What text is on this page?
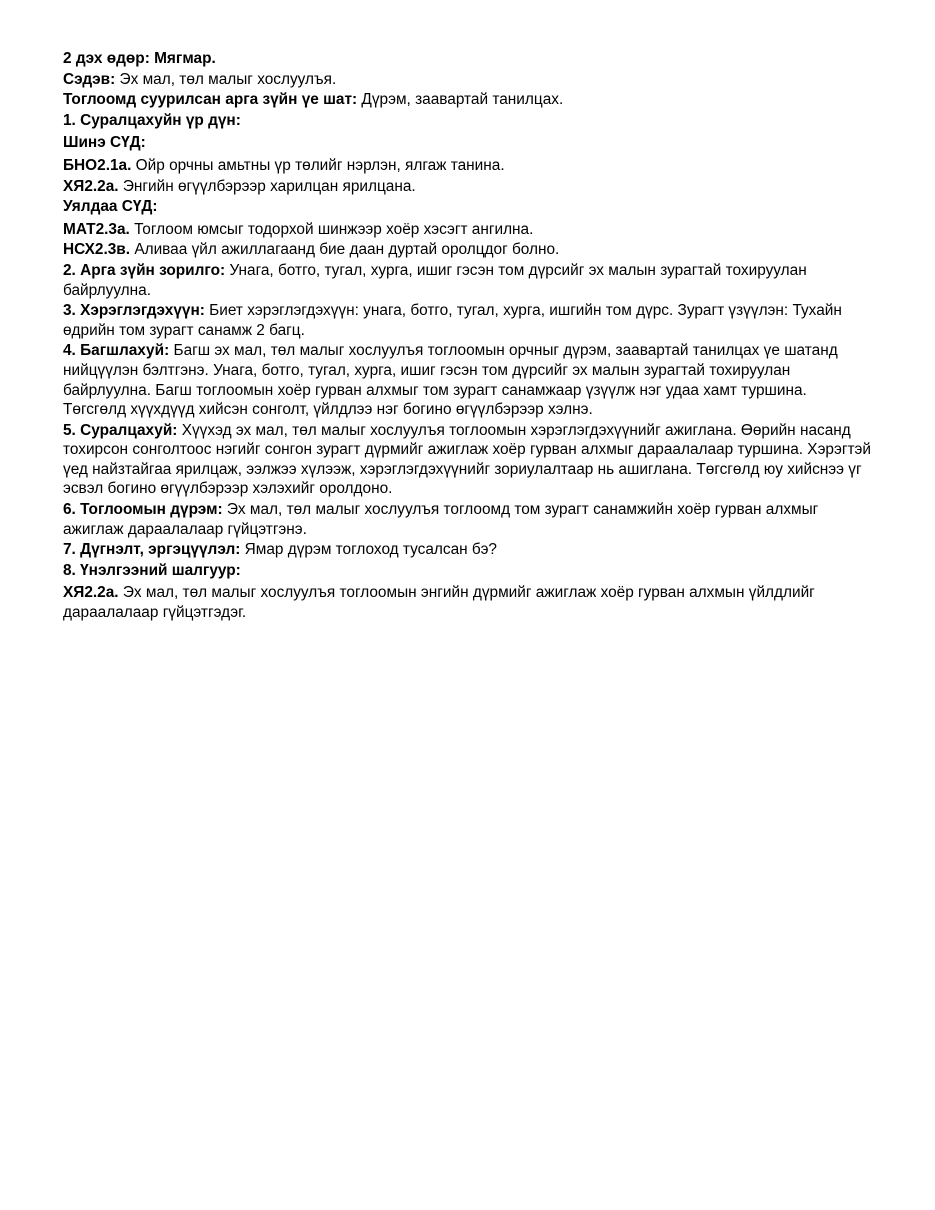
2 дэх өдөр: Мягмар.

Сэдэв: Эх мал, төл малыг хослуулъя.

Тоглоомд суурилсан арга зүйн үе шат: Дүрэм, заавартай танилцах.

1. Суралцахуйн үр дүн:

Шинэ СҮД:

БНО2.1а. Ойр орчны амьтны үр төлийг нэрлэн, ялгаж танина.

ХЯ2.2а. Энгийн өгүүлбэрээр харилцан ярилцана.

Уялдаа СҮД:

МАТ2.3а. Тоглоом юмсыг тодорхой шинжээр хоёр хэсэгт ангилна.

НСХ2.3в. Аливаа үйл ажиллагаанд бие даан дуртай оролцдог болно.

2. Арга зүйн зорилго: Унага, ботго, тугал, хурга, ишиг гэсэн том дүрсийг эх малын зурагтай тохируулан байрлуулна.

3. Хэрэглэгдэхүүн: Биет хэрэглэгдэхүүн: унага, ботго, тугал, хурга, ишгийн том дүрс. Зурагт үзүүлэн: Тухайн өдрийн том зурагт санамж 2 багц.

4. Багшлахуй: Багш эх мал, төл малыг хослуулъя тоглоомын орчныг дүрэм, заавартай танилцах үе шатанд нийцүүлэн бэлтгэнэ. Унага, ботго, тугал, хурга, ишиг гэсэн том дүрсийг эх малын зурагтай тохируулан байрлуулна. Багш тоглоомын хоёр гурван алхмыг том зурагт санамжаар үзүүлж нэг удаа хамт туршина. Төгсгөлд хүүхдүүд хийсэн сонголт, үйлдлээ нэг богино өгүүлбэрээр хэлнэ.

5. Суралцахуй: Хүүхэд эх мал, төл малыг хослуулъя тоглоомын хэрэглэгдэхүүнийг ажиглана. Өөрийн насанд тохирсон сонголтоос нэгийг сонгон зурагт дүрмийг ажиглаж хоёр гурван алхмыг дараалалаар туршина. Хэрэгтэй үед найзтайгаа ярилцаж, ээлжээ хүлээж, хэрэглэгдэхүүнийг зориулалтаар нь ашиглана. Төгсгөлд юу хийснээ үг эсвэл богино өгүүлбэрээр хэлэхийг оролдоно.

6. Тоглоомын дүрэм: Эх мал, төл малыг хослуулъя тоглоомд том зурагт санамжийн хоёр гурван алхмыг ажиглаж дараалалаар гүйцэтгэнэ.

7. Дүгнэлт, эргэцүүлэл: Ямар дүрэм тоглоход тусалсан бэ?

8. Үнэлгээний шалгуур:

ХЯ2.2а. Эх мал, төл малыг хослуулъя тоглоомын энгийн дүрмийг ажиглаж хоёр гурван алхмын үйлдлийг дараалалаар гүйцэтгэдэг.
